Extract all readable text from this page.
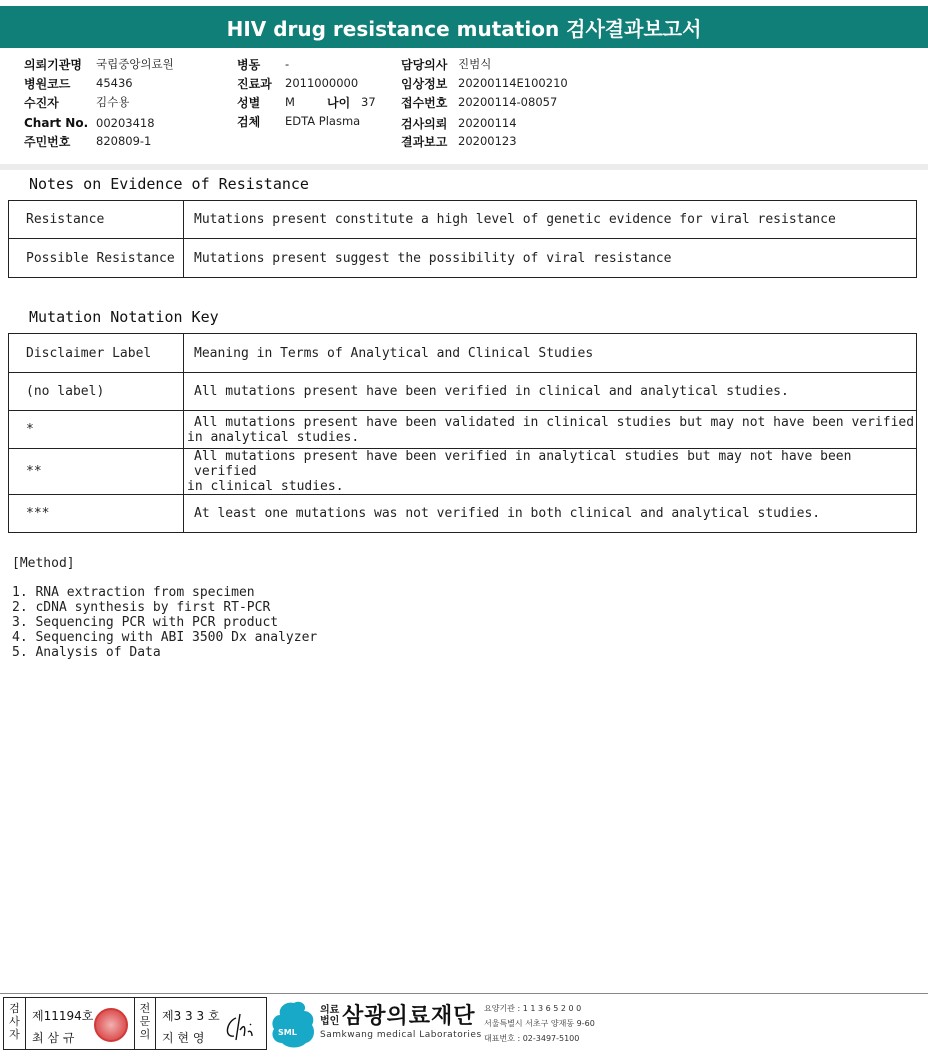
HIV drug resistance mutation 검사결과보고서
의뢰기관명	국립중앙의료원
병원코드	45436
수진자	김수용
Chart No. 00203418
주민번호	820809-1
병동	-
진료과	2011000000
성별	M	나이 37
검체	EDTA Plasma
담당의사 진범식
임상정보 20200114E100210
접수번호 20200114-08057
검사의뢰 20200114
결과보고 20200123
Notes on Evidence of Resistance
Resistance	Mutations present constitute a high level of genetic evidence for viral resistance
Possible Resistance	Mutations present suggest the possibility of viral resistance
Mutation Notation Key
Disclaimer Label	Meaning in Terms of Analytical and Clinical Studies
(no label)	All mutations present have been verified in clinical and analytical studies.
*	All mutations present have been validated in clinical studies but may not have been verified
in analytical studies.
**	All mutations present have been verified in analytical studies but may not have been verified
in clinical studies.
***	At least one mutations was not verified in both clinical and analytical studies.
[Method]
1. RNA extraction from specimen
2. cDNA synthesis by first RT-PCR
3. Sequencing PCR with PCR product
4. Sequencing with ABI 3500 Dx analyzer
5. Analysis of Data
검
사
자
제11194호
최 삼 규
전
문
의
제3 3 3 호
지 현 영	SML
의료
법인 삼광의료재단
Samkwang medical Laboratories
요양기관 : 1 1 3 6 5 2 0 0
서울특별시 서초구 양재동 9-60
대표번호 : 02-3497-5100
